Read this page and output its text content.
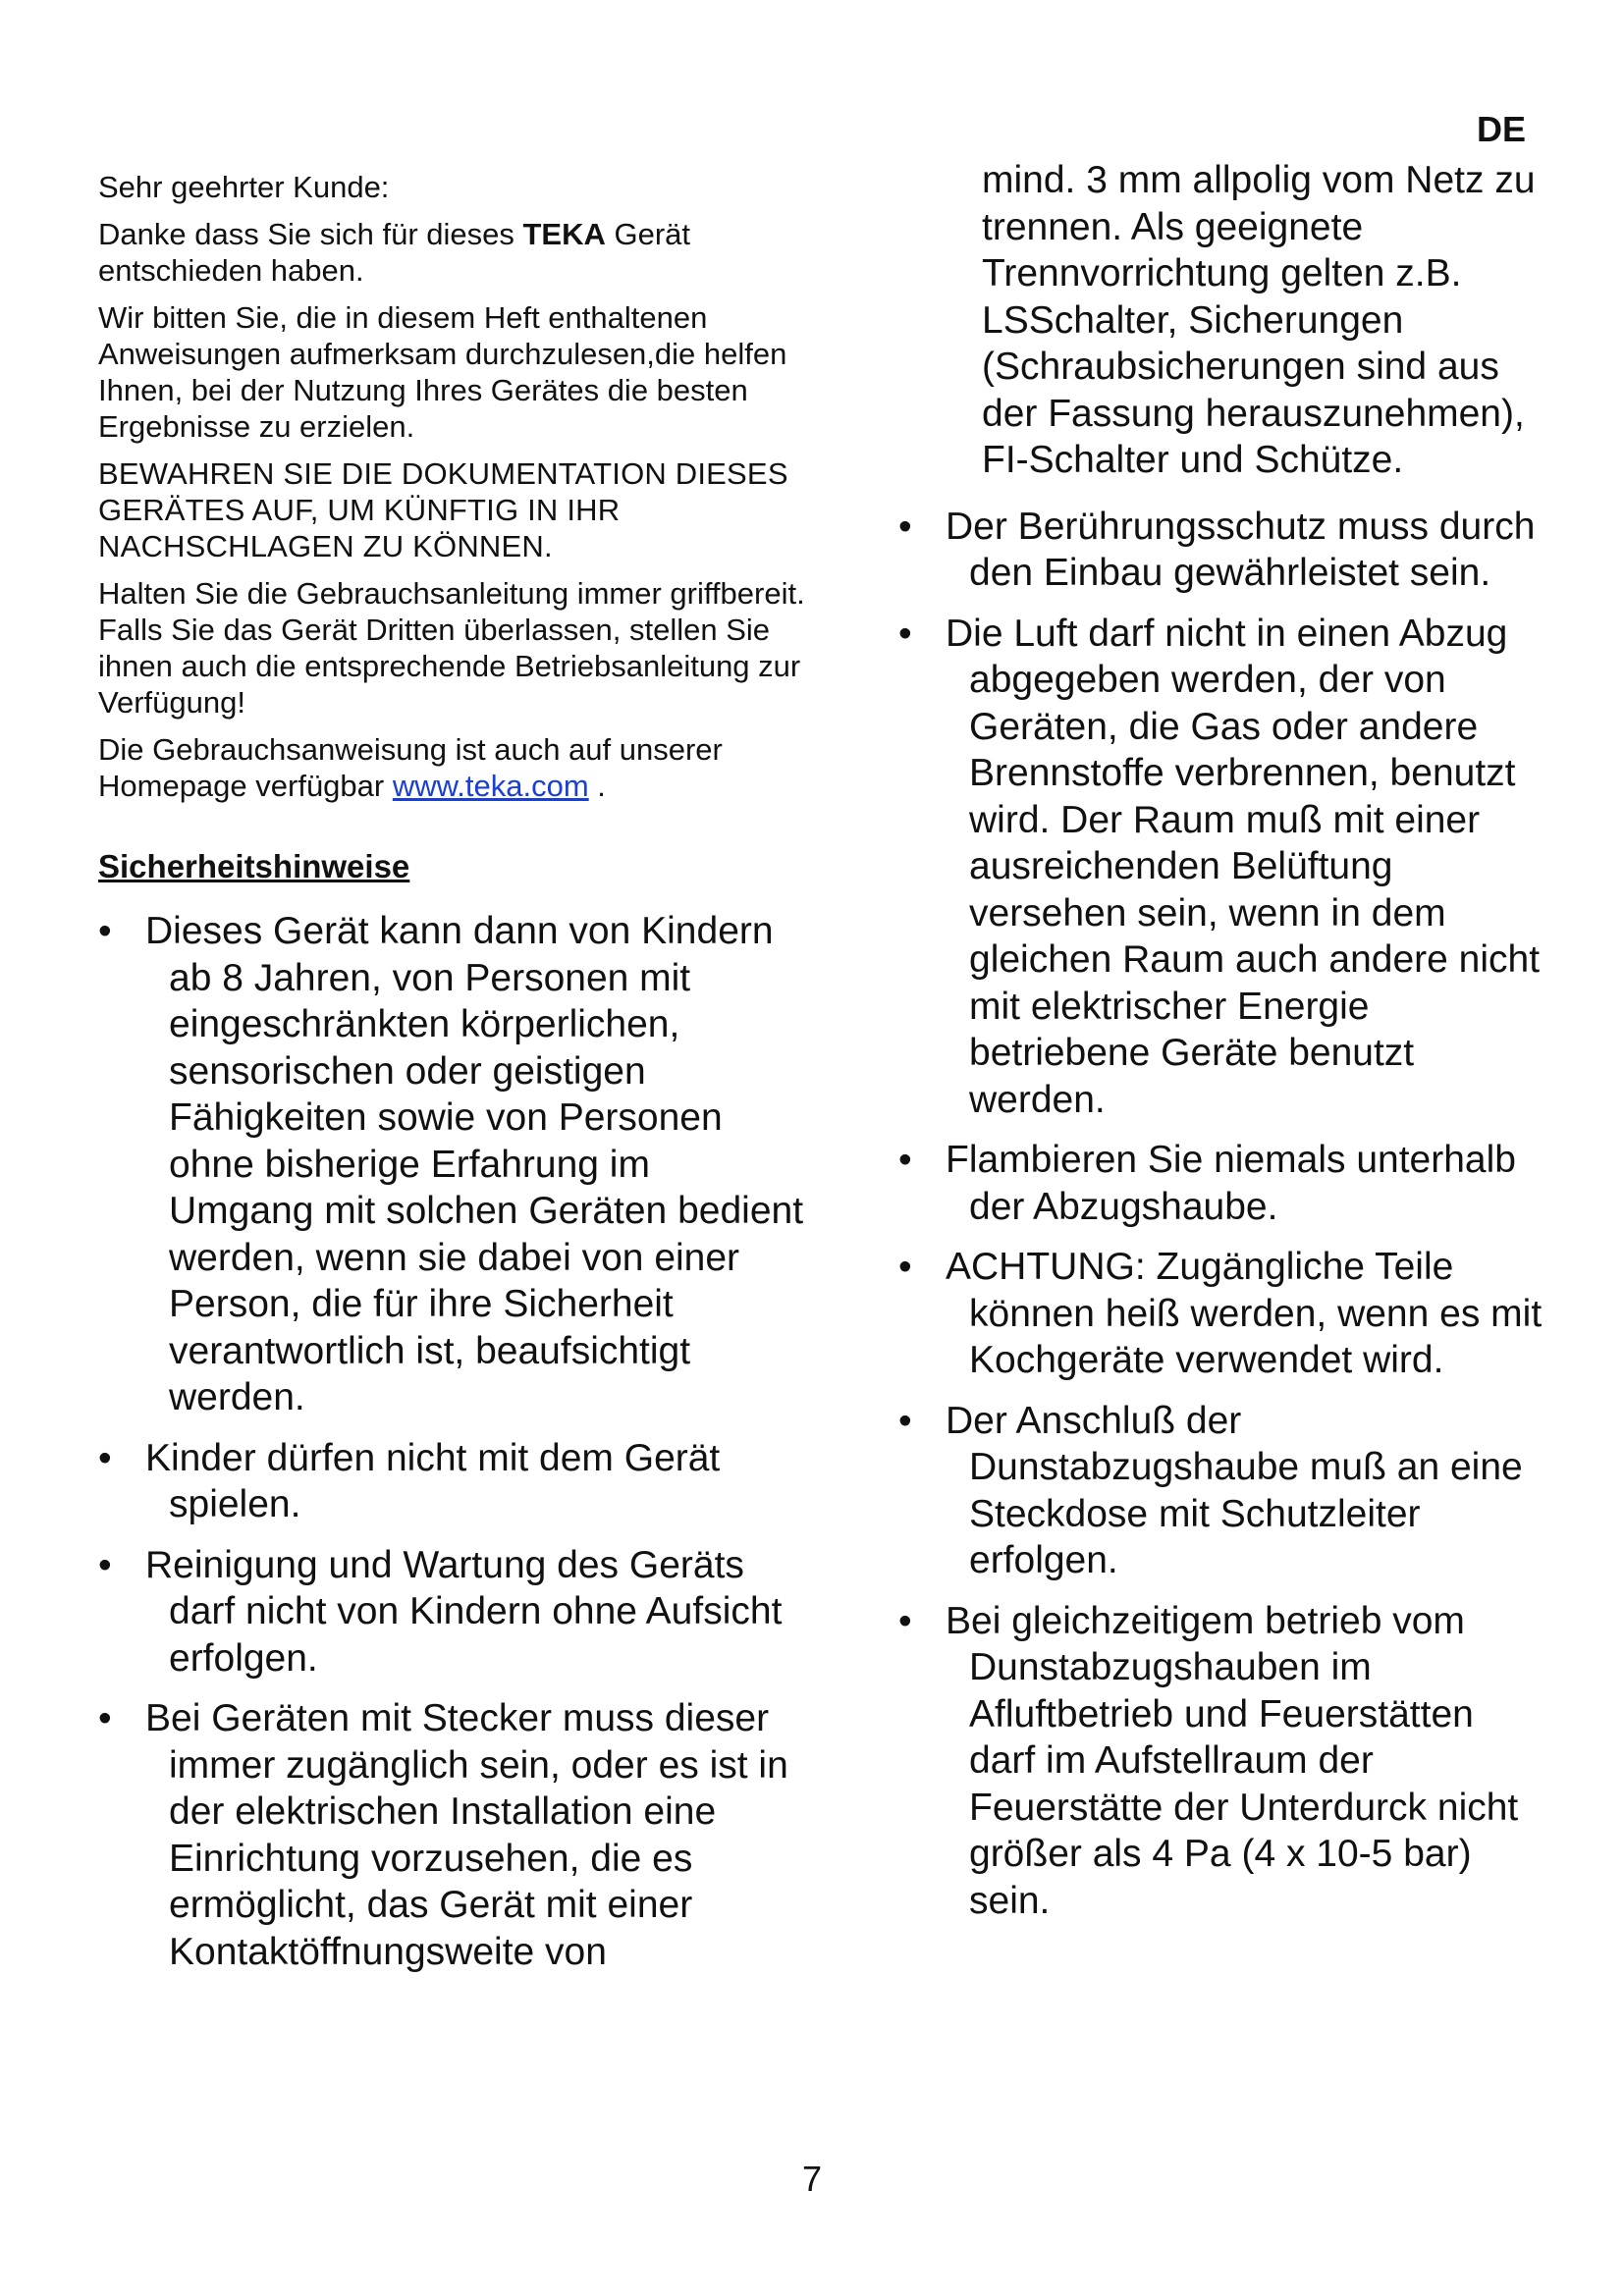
DE

Sehr geehrter Kunde:

Danke dass Sie sich für dieses TEKA Gerät entschieden haben.

Wir bitten Sie, die in diesem Heft enthaltenen Anweisungen aufmerksam durchzulesen,die helfen Ihnen, bei der Nutzung Ihres Gerätes die besten Ergebnisse zu erzielen.

BEWAHREN SIE DIE DOKUMENTATION DIESES GERÄTES AUF, UM KÜNFTIG IN IHR NACHSCHLAGEN ZU KÖNNEN.

Halten Sie die Gebrauchsanleitung immer griffbereit. Falls Sie das Gerät Dritten überlassen, stellen Sie ihnen auch die entsprechende Betriebsanleitung zur Verfügung!

Die Gebrauchsanweisung ist auch auf unserer Homepage verfügbar www.teka.com .

Sicherheitshinweise
• Dieses Gerät kann dann von Kindern ab 8 Jahren, von Personen mit eingeschränkten körperlichen, sensorischen oder geistigen Fähigkeiten sowie von Personen ohne bisherige Erfahrung im Umgang mit solchen Geräten bedient werden, wenn sie dabei von einer Person, die für ihre Sicherheit verantwortlich ist, beaufsichtigt werden.
• Kinder dürfen nicht mit dem Gerät spielen.
• Reinigung und Wartung des Geräts darf nicht von Kindern ohne Aufsicht erfolgen.
• Bei Geräten mit Stecker muss dieser immer zugänglich sein, oder es ist in der elektrischen Installation eine Einrichtung vorzusehen, die es ermöglicht, das Gerät mit einer Kontaktöffnungsweite von
mind. 3 mm allpolig vom Netz zu trennen. Als geeignete Trennvorrichtung gelten z.B. LSSchalter, Sicherungen (Schraubsicherungen sind aus der Fassung herauszunehmen), FI-Schalter und Schütze.
• Der Berührungsschutz muss durch den Einbau gewährleistet sein.
• Die Luft darf nicht in einen Abzug abgegeben werden, der von Geräten, die Gas oder andere Brennstoffe verbrennen, benutzt wird. Der Raum muß mit einer ausreichenden Belüftung versehen sein, wenn in dem gleichen Raum auch andere nicht mit elektrischer Energie betriebene Geräte benutzt werden.
• Flambieren Sie niemals unterhalb der Abzugshaube.
• ACHTUNG: Zugängliche Teile können heiß werden, wenn es mit Kochgeräte verwendet wird.
• Der Anschluß der Dunstabzugshaube muß an eine Steckdose mit Schutzleiter erfolgen.
• Bei gleichzeitigem betrieb vom Dunstabzugshauben im Afluftbetrieb und Feuerstätten darf im Aufstellraum der Feuerstätte der Unterdurck nicht größer als 4 Pa (4 x 10-5 bar) sein.
7
